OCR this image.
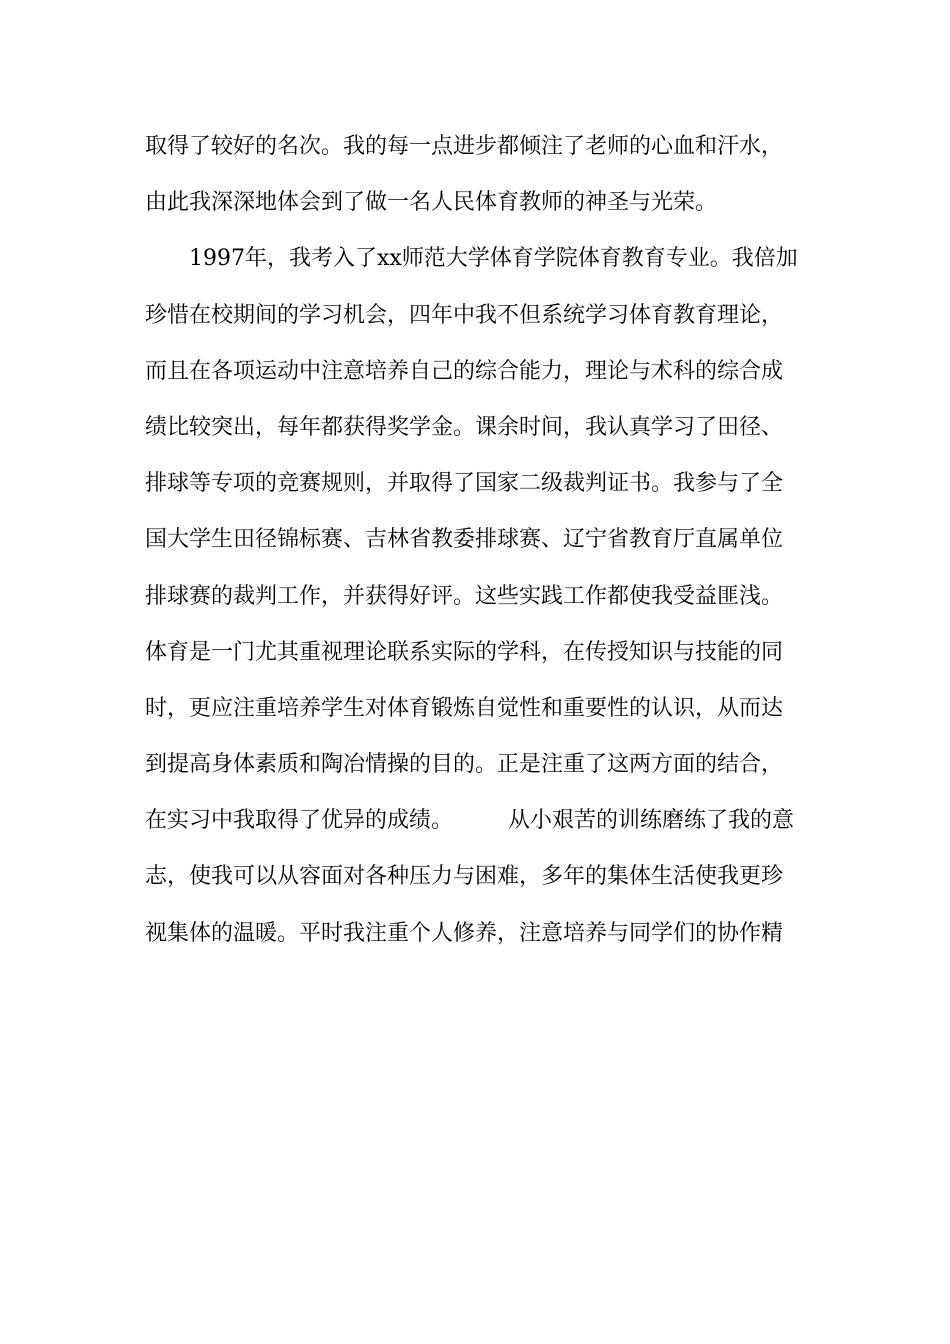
取得了较好的名次。我的每一点进步都倾注了老师的心血和汗水，
由此我深深地体会到了做一名人民体育教师的神圣与光荣。
　　1997年，我考入了xx师范大学体育学院体育教育专业。我倍加
珍惜在校期间的学习机会，四年中我不但系统学习体育教育理论，
而且在各项运动中注意培养自己的综合能力，理论与术科的综合成
绩比较突出，每年都获得奖学金。课余时间，我认真学习了田径、
排球等专项的竞赛规则，并取得了国家二级裁判证书。我参与了全
国大学生田径锦标赛、吉林省教委排球赛、辽宁省教育厅直属单位
排球赛的裁判工作，并获得好评。这些实践工作都使我受益匪浅。
体育是一门尤其重视理论联系实际的学科，在传授知识与技能的同
时，更应注重培养学生对体育锻炼自觉性和重要性的认识，从而达
到提高身体素质和陶冶情操的目的。正是注重了这两方面的结合，
在实习中我取得了优异的成绩。　　　从小艰苦的训练磨练了我的意
志，使我可以从容面对各种压力与困难，多年的集体生活使我更珍
视集体的温暖。平时我注重个人修养，注意培养与同学们的协作精
